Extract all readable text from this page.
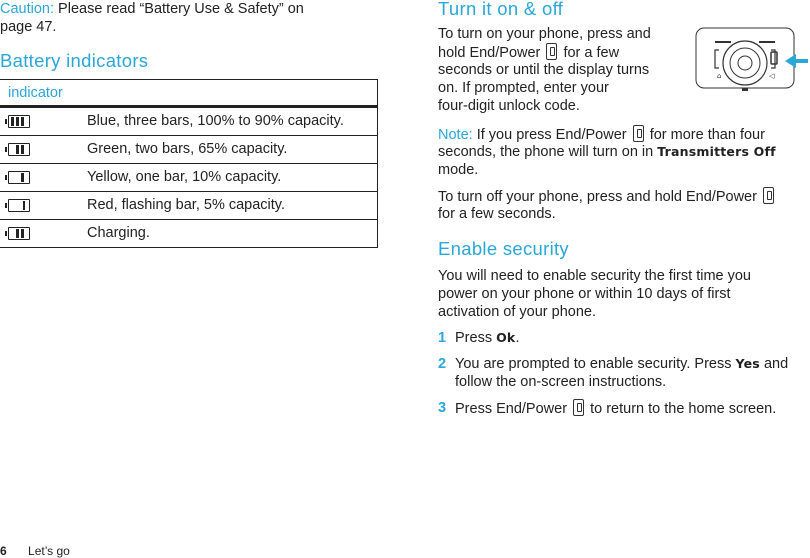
Caution: Please read “Battery Use & Safety” on
page 47.
Battery indicators
indicator
Blue, three bars, 100% to 90% capacity.
Green, two bars, 65% capacity.
Yellow, one bar, 10% capacity.
Red, flashing bar, 5% capacity.
Charging.
Turn it on & off
To turn on your phone, press and
hold End/Power for a few
seconds or until the display turns
on. If prompted, enter your
four-digit unlock code.
⌂	◁
Note: If you press End/Power for more than four
seconds, the phone will turn on in Transmitters Off
mode.
To turn off your phone, press and hold End/Power
for a few seconds.
Enable security
You will need to enable security the first time you
power on your phone or within 10 days of first
activation of your phone.
1 Press Ok.
2 You are prompted to enable security. Press Yes and
follow the on-screen instructions.
3 Press End/Power to return to the home screen.
6 Let’s go
